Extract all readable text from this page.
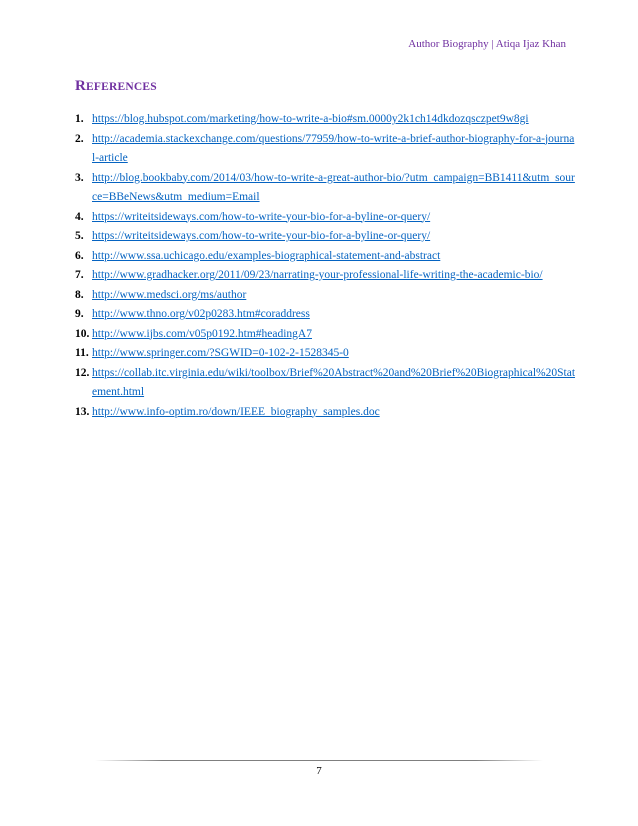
Author Biography | Atiqa Ijaz Khan
REFERENCES
1. https://blog.hubspot.com/marketing/how-to-write-a-bio#sm.0000y2k1ch14dkdozqsczpet9w8gi
2. http://academia.stackexchange.com/questions/77959/how-to-write-a-brief-author-biography-for-a-journal-article
3. http://blog.bookbaby.com/2014/03/how-to-write-a-great-author-bio/?utm_campaign=BB1411&utm_source=BBeNews&utm_medium=Email
4. https://writeitsideways.com/how-to-write-your-bio-for-a-byline-or-query/
5. https://writeitsideways.com/how-to-write-your-bio-for-a-byline-or-query/
6. http://www.ssa.uchicago.edu/examples-biographical-statement-and-abstract
7. http://www.gradhacker.org/2011/09/23/narrating-your-professional-life-writing-the-academic-bio/
8. http://www.medsci.org/ms/author
9. http://www.thno.org/v02p0283.htm#coraddress
10. http://www.ijbs.com/v05p0192.htm#headingA7
11. http://www.springer.com/?SGWID=0-102-2-1528345-0
12. https://collab.itc.virginia.edu/wiki/toolbox/Brief%20Abstract%20and%20Brief%20Biographical%20Statement.html
13. http://www.info-optim.ro/down/IEEE_biography_samples.doc
7
